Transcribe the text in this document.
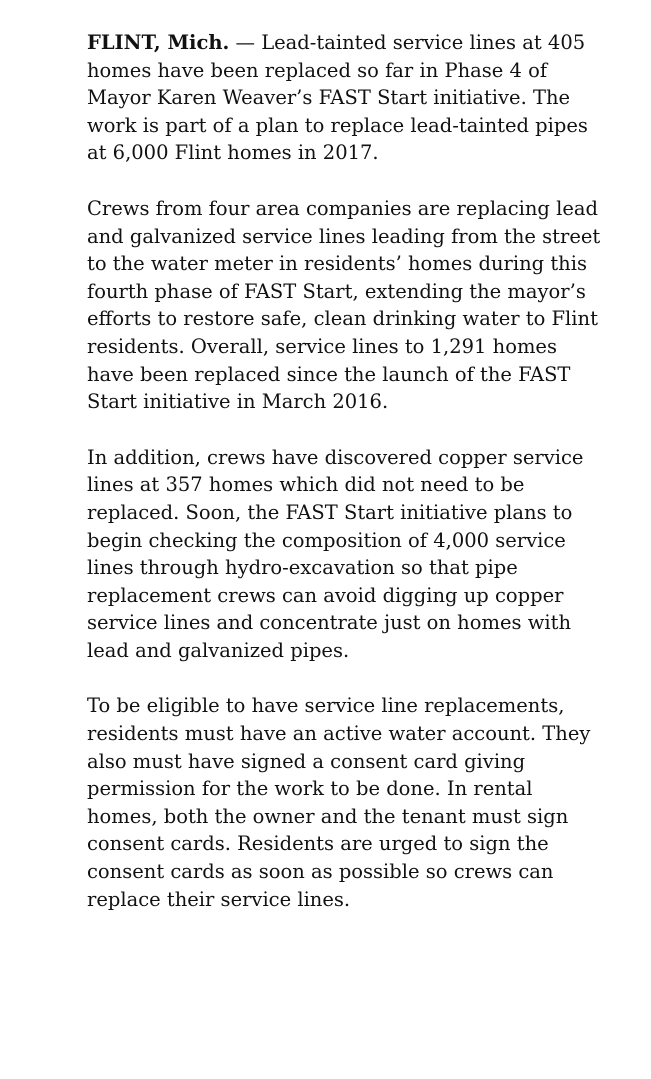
FLINT, Mich. — Lead-tainted service lines at 405 homes have been replaced so far in Phase 4 of Mayor Karen Weaver’s FAST Start initiative. The work is part of a plan to replace lead-tainted pipes at 6,000 Flint homes in 2017.

Crews from four area companies are replacing lead and galvanized service lines leading from the street to the water meter in residents’ homes during this fourth phase of FAST Start, extending the mayor’s efforts to restore safe, clean drinking water to Flint residents. Overall, service lines to 1,291 homes have been replaced since the launch of the FAST Start initiative in March 2016.

In addition, crews have discovered copper service lines at 357 homes which did not need to be replaced. Soon, the FAST Start initiative plans to begin checking the composition of 4,000 service lines through hydro-excavation so that pipe replacement crews can avoid digging up copper service lines and concentrate just on homes with lead and galvanized pipes.

To be eligible to have service line replacements, residents must have an active water account. They also must have signed a consent card giving permission for the work to be done. In rental homes, both the owner and the tenant must sign consent cards. Residents are urged to sign the consent cards as soon as possible so crews can replace their service lines.
